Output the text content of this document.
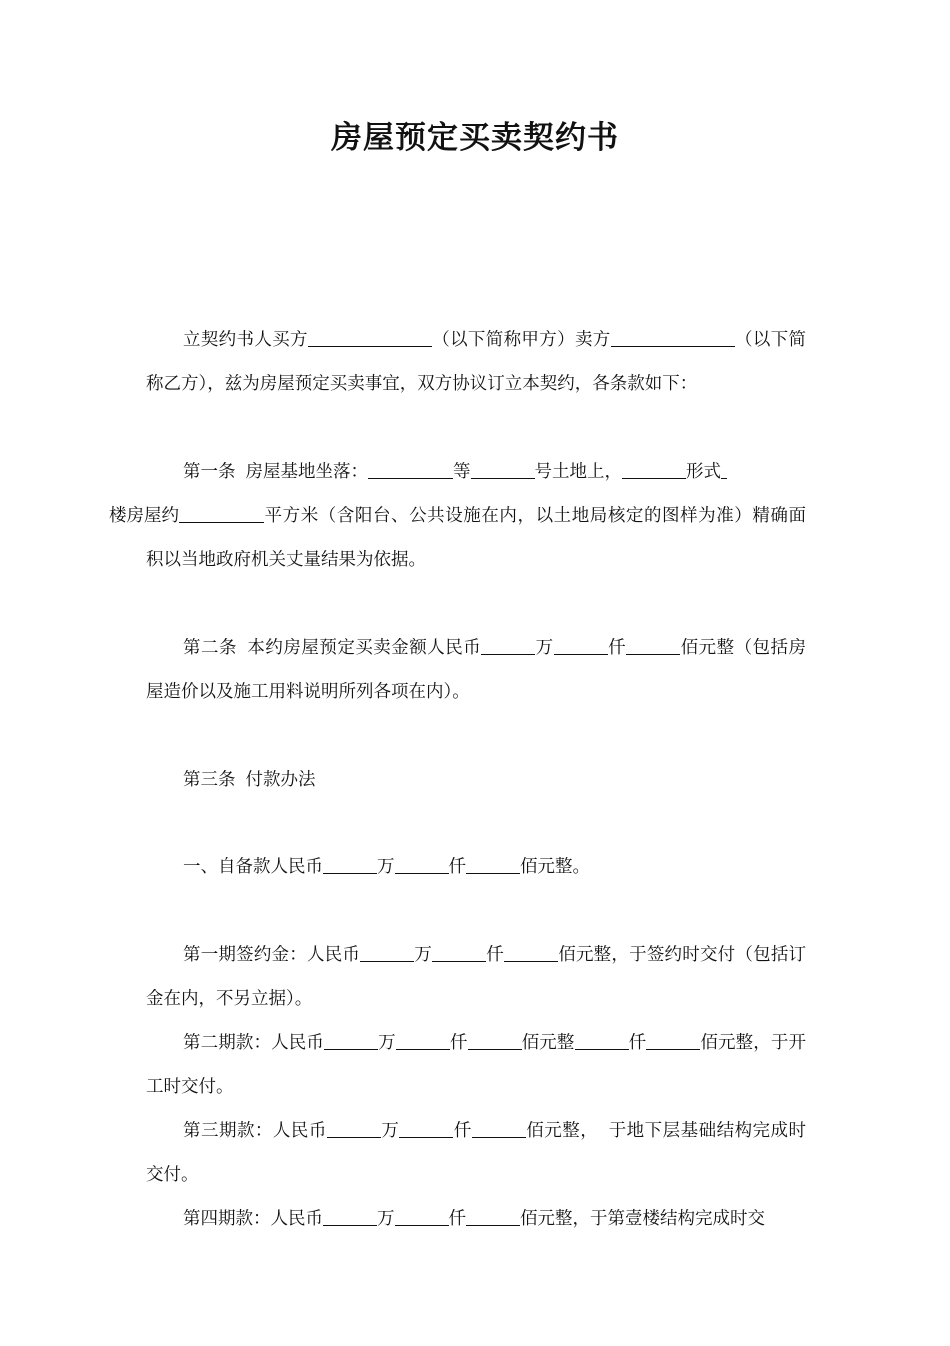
房屋预定买卖契约书

立契约书人买方	（以下简称甲方）卖方	（以下简称乙方），兹为房屋预定买卖事宜，双方协议订立本契约，各条款如下：

第一条 房屋基地坐落：	等	号土地上，	形式
楼房屋约	平方米（含阳台、公共设施在内，以土地局核定的图样为准）精确面积以当地政府机关丈量结果为依据。

第二条 本约房屋预定买卖金额人民币	万	仟	佰元整（包括房屋造价以及施工用料说明所列各项在内）。

第三条 付款办法

一、自备款人民币	万	仟	佰元整。

第一期签约金：人民币	万	仟	佰元整，于签约时交付（包括订金在内，不另立据）。

第二期款：人民币	万	仟	佰元整	仟	佰元整，于开工时交付。

第三期款：人民币	万	仟	佰元整， 于地下层基础结构完成时交付。

第四期款：人民币	万	仟	佰元整，于第壹楼结构完成时交
